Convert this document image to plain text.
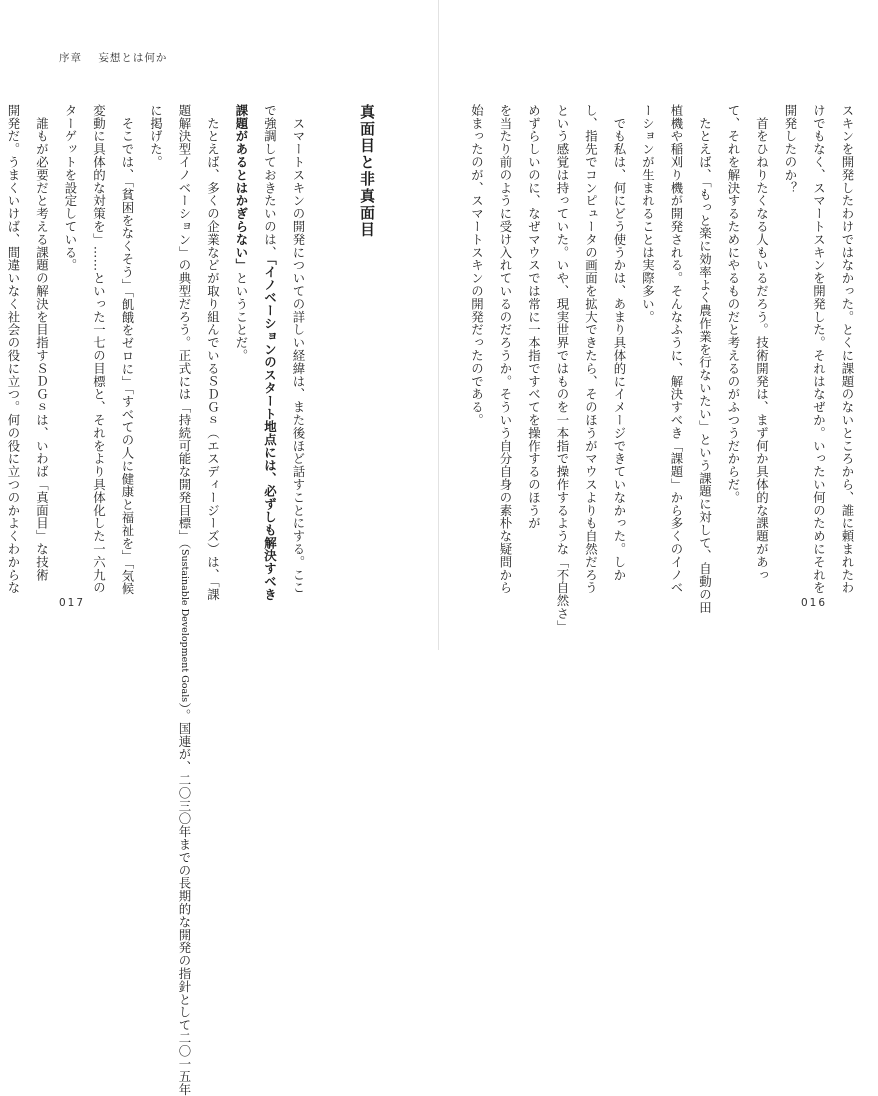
序章 妄想とは何か
真面目と非真面目
　スマートスキンの開発についての詳しい経緯は、また後ほど話すことにする。ここ
で強調しておきたいのは、「イノベーションのスタート地点には、必ずしも解決すべき
課題があるとはかぎらない」ということだ。
　たとえば、多くの企業などが取り組んでいるＳＤＧｓ（エスディージーズ）は、「課
題解決型イノベーション」の典型だろう。正式には「持続可能な開発目標」（Sustainable Development Goals）。国連が、二〇三〇年までの長期的な開発の指針として二〇一五年
に掲げた。
　そこでは、「貧困をなくそう」「飢餓をゼロに」「すべての人に健康と福祉を」「気候
変動に具体的な対策を」……といった一七の目標と、それをより具体化した一六九の
ターゲットを設定している。
　誰もが必要だと考える課題の解決を目指すＳＤＧｓは、いわば「真面目」な技術
開発だ。うまくいけば、間違いなく社会の役に立つ。何の役に立つのかよくわからな
017
スキンを開発したわけではなかった。とくに課題のないところから、誰に頼まれたわ
けでもなく、スマートスキンを開発した。それはなぜか。いったい何のためにそれを
開発したのか？
　首をひねりたくなる人もいるだろう。技術開発は、まず何か具体的な課題があっ
て、それを解決するためにやるものだと考えるのがふつうだからだ。
　たとえば、「もっと楽に効率よく農作業を行ないたい」という課題に対して、自動の田
植機や稲刈り機が開発される。そんなふうに、解決すべき「課題」から多くのイノベ
ーションが生まれることは実際多い。
　でも私は、何にどう使うかは、あまり具体的にイメージできていなかった。しか
し、指先でコンピュータの画面を拡大できたら、そのほうがマウスよりも自然だろう
という感覚は持っていた。いや、現実世界ではものを一本指で操作するような「不自然さ」
めずらしいのに、なぜマウスでは常に一本指ですべてを操作するのほうが
を当たり前のように受け入れているのだろうか。そういう自分自身の素朴な疑問から
始まったのが、スマートスキンの開発だったのである。
016
